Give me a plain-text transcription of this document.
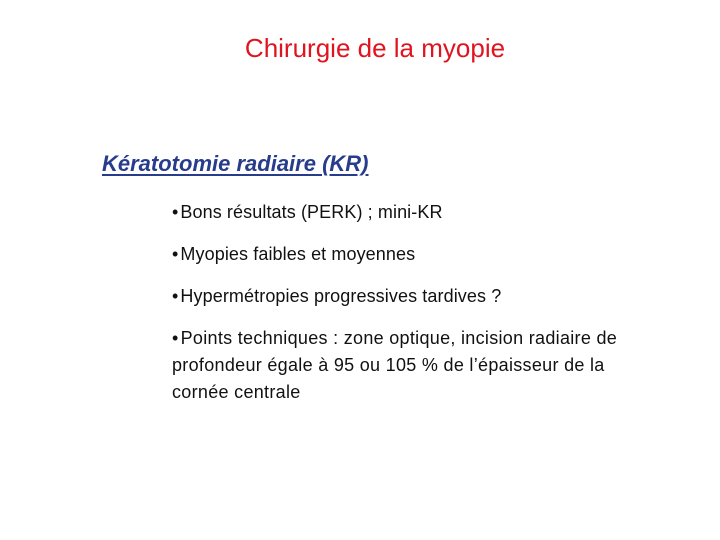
Chirurgie de la myopie
Kératotomie radiaire (KR)
• Bons résultats (PERK) ; mini-KR
• Myopies faibles et moyennes
• Hypermétropies progressives tardives ?
• Points techniques : zone optique, incision radiaire de profondeur égale à 95 ou 105 % de l’épaisseur de la cornée centrale
